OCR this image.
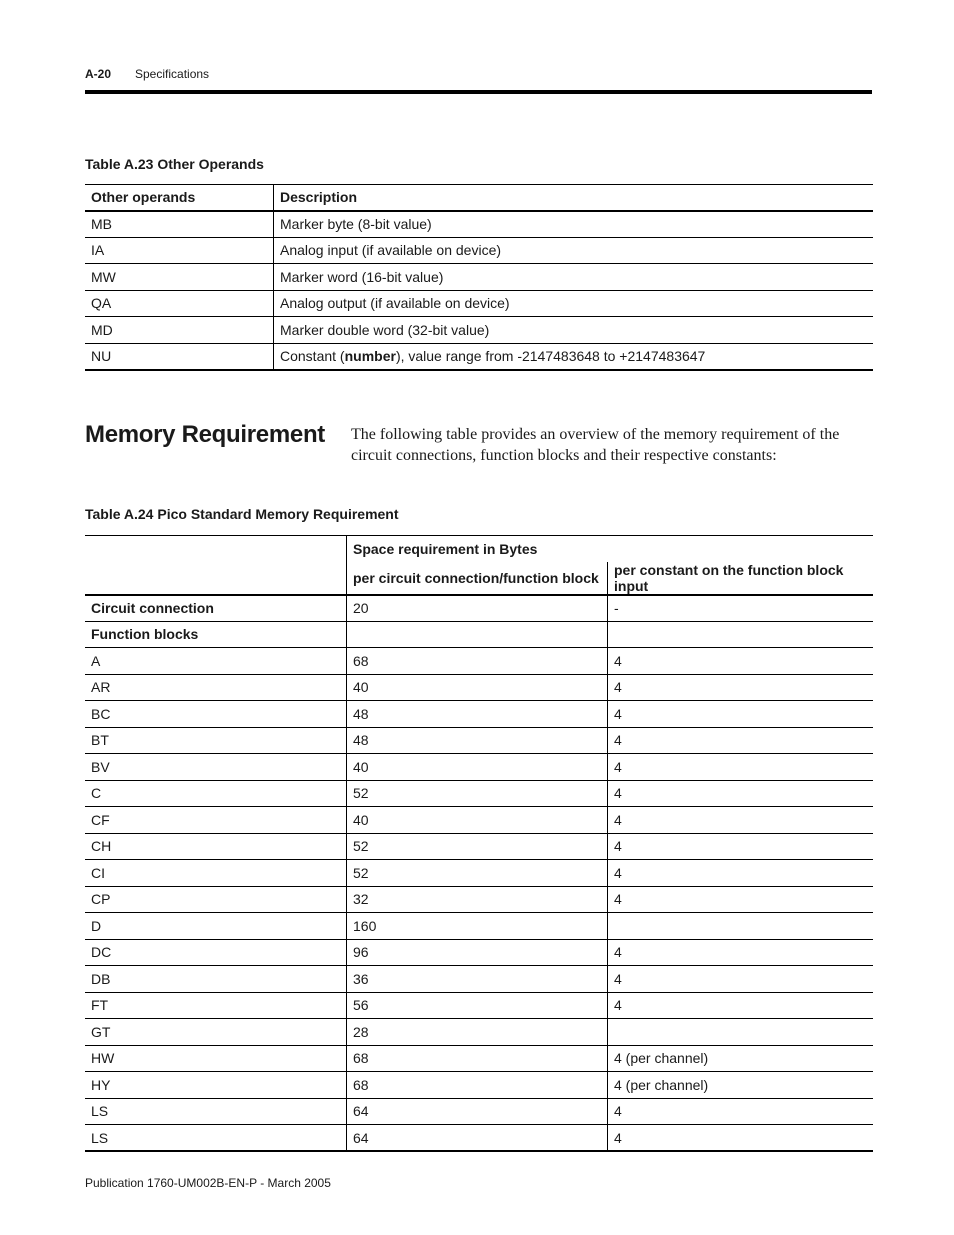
A-20 Specifications
Table A.23 Other Operands
Other operands	Description
MB	Marker byte (8-bit value)
IA	Analog input (if available on device)
MW	Marker word (16-bit value)
QA	Analog output (if available on device)
MD	Marker double word (32-bit value)
NU	Constant (number), value range from -2147483648 to +2147483647
Memory Requirement The following table provides an overview of the memory requirement of the circuit connections, function blocks and their respective constants:
Table A.24 Pico Standard Memory Requirement
	Space requirement in Bytes	
	per circuit connection/function block	per constant on the function block input
Circuit connection	20	-
Function blocks		
A	68	4
AR	40	4
BC	48	4
BT	48	4
BV	40	4
C	52	4
CF	40	4
CH	52	4
CI	52	4
CP	32	4
D	160	
DC	96	4
DB	36	4
FT	56	4
GT	28	
HW	68	4 (per channel)
HY	68	4 (per channel)
LS	64	4
LS	64	4
Publication 1760-UM002B-EN-P - March 2005
